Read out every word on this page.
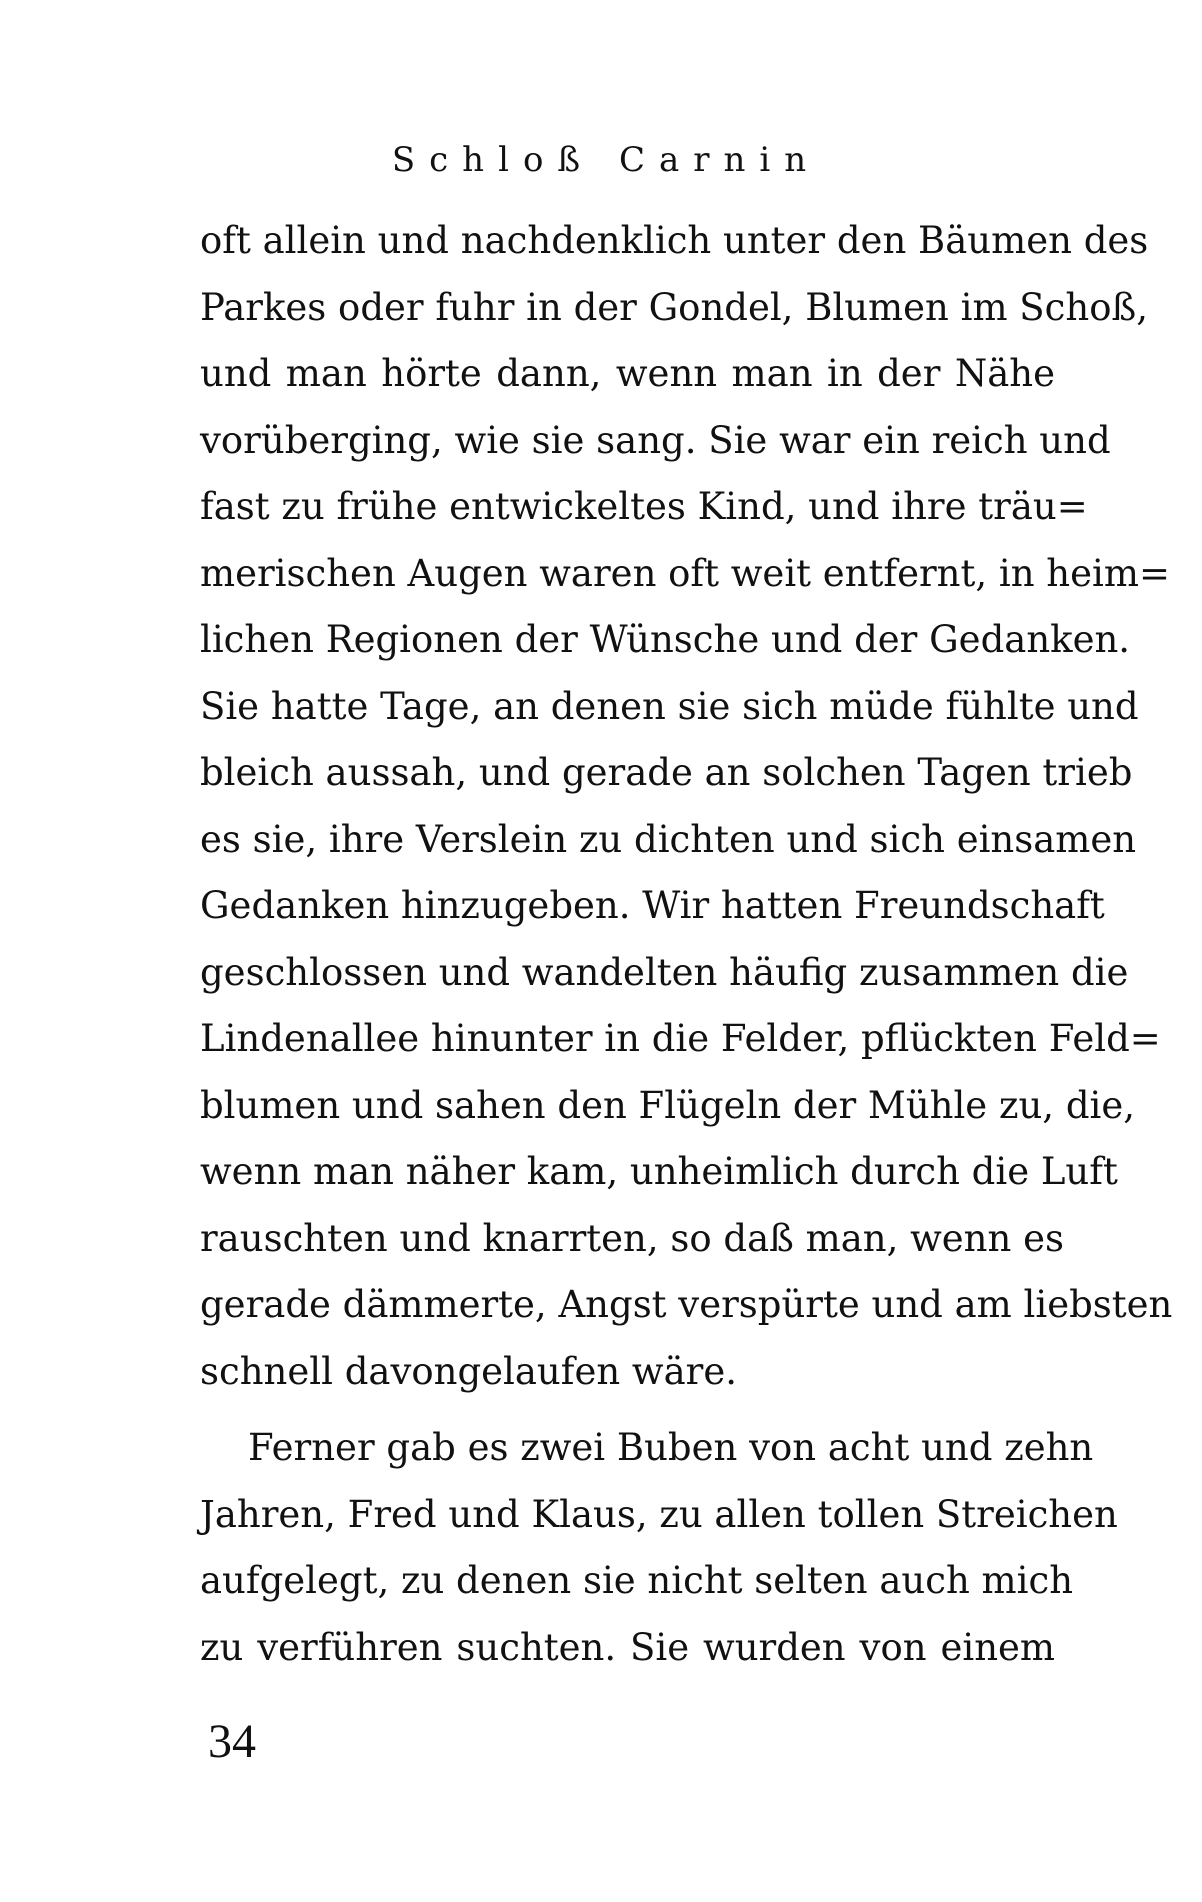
Schloß Carnin
oft allein und nachdenklich unter den Bäumen des
Parkes oder fuhr in der Gondel, Blumen im Schoß,
und man hörte dann, wenn man in der Nähe
vorüberging, wie sie sang. Sie war ein reich und
fast zu frühe entwickeltes Kind, und ihre träu=
merischen Augen waren oft weit entfernt, in heim=
lichen Regionen der Wünsche und der Gedanken.
Sie hatte Tage, an denen sie sich müde fühlte und
bleich aussah, und gerade an solchen Tagen trieb
es sie, ihre Verslein zu dichten und sich einsamen
Gedanken hinzugeben. Wir hatten Freundschaft
geschlossen und wandelten häufig zusammen die
Lindenallee hinunter in die Felder, pflückten Feld=
blumen und sahen den Flügeln der Mühle zu, die,
wenn man näher kam, unheimlich durch die Luft
rauschten und knarrten, so daß man, wenn es
gerade dämmerte, Angst verspürte und am liebsten
schnell davongelaufen wäre.
Ferner gab es zwei Buben von acht und zehn
Jahren, Fred und Klaus, zu allen tollen Streichen
aufgelegt, zu denen sie nicht selten auch mich
zu verführen suchten. Sie wurden von einem
34
